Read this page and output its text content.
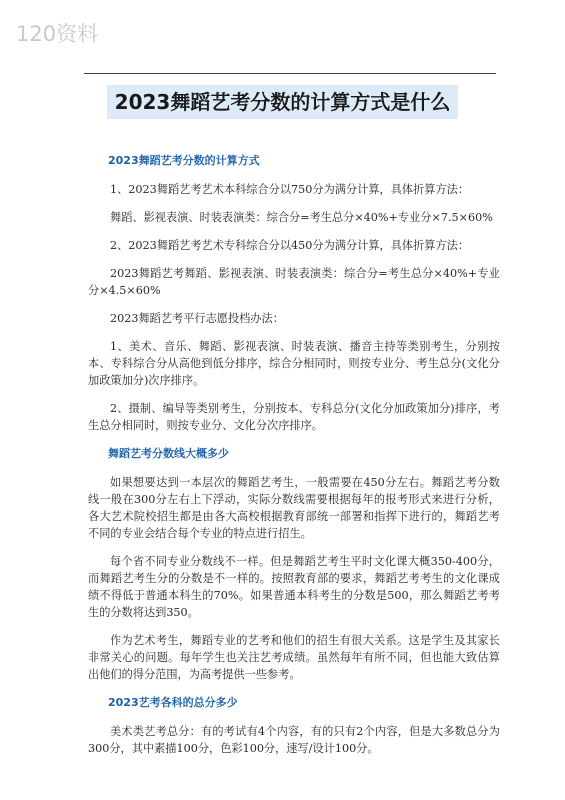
120资料
2023舞蹈艺考分数的计算方式是什么
2023舞蹈艺考分数的计算方式

1、2023舞蹈艺考艺术本科综合分以750分为满分计算，具体折算方法：

舞蹈、影视表演、时装表演类：综合分=考生总分×40%+专业分×7.5×60%

2、2023舞蹈艺考艺术专科综合分以450分为满分计算，具体折算方法：

2023舞蹈艺考舞蹈、影视表演、时装表演类：综合分=考生总分×40%+专业分×4.5×60%

2023舞蹈艺考平行志愿投档办法：

1、美术、音乐、舞蹈、影视表演、时装表演、播音主持等类别考生，分别按本、专科综合分从高他到低分排序，综合分相同时，则按专业分、考生总分(文化分加政策加分)次序排序。

2、摄制、编导等类别考生，分别按本、专科总分(文化分加政策加分)排序，考生总分相同时，则按专业分、文化分次序排序。

舞蹈艺考分数线大概多少

如果想要达到一本层次的舞蹈艺考生，一般需要在450分左右。舞蹈艺考分数线一般在300分左右上下浮动，实际分数线需要根据每年的报考形式来进行分析，各大艺术院校招生都是由各大高校根据教育部统一部署和指挥下进行的，舞蹈艺考不同的专业会结合每个专业的特点进行招生。

每个省不同专业分数线不一样。但是舞蹈艺考生平时文化课大概350-400分，而舞蹈艺考生分的分数是不一样的。按照教育部的要求，舞蹈艺考考生的文化课成绩不得低于普通本科生的70%。如果普通本科考生的分数是500，那么舞蹈艺考考生的分数将达到350。

作为艺术考生，舞蹈专业的艺考和他们的招生有很大关系。这是学生及其家长非常关心的问题。每年学生也关注艺考成绩。虽然每年有所不同，但也能大致估算出他们的得分范围，为高考提供一些参考。

2023艺考各科的总分多少

美术类艺考总分：有的考试有4个内容，有的只有2个内容，但是大多数总分为300分，其中素描100分，色彩100分，速写/设计100分。
